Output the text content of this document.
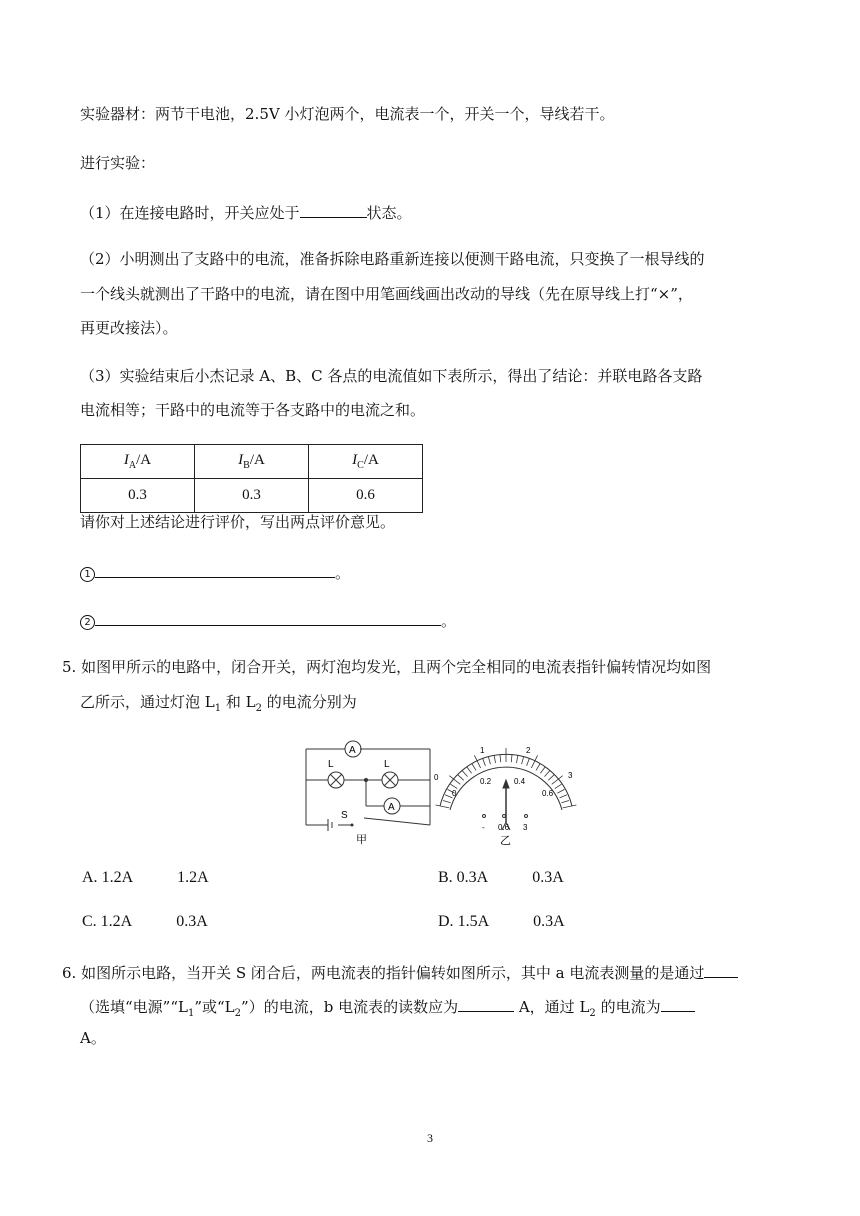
实验器材：两节干电池，2.5V 小灯泡两个，电流表一个，开关一个，导线若干。
进行实验：
（1）在连接电路时，开关应处于	状态。
（2）小明测出了支路中的电流，准备拆除电路重新连接以便测干路电流，只变换了一根导线的
一个线头就测出了干路中的电流，请在图中用笔画线画出改动的导线（先在原导线上打“×”，
再更改接法）。
（3）实验结束后小杰记录 A、B、C 各点的电流值如下表所示，得出了结论：并联电路各支路
电流相等；干路中的电流等于各支路中的电流之和。
$I_A/A$	$I_B/A$	$I_C/A$
0.3	0.3	0.6
请你对上述结论进行评价，写出两点评价意见。
1	。
2	。
5. 如图甲所示的电路中，闭合开关，两灯泡均发光，且两个完全相同的电流表指针偏转情况均如图
乙所示，通过灯泡 $L_1$ 和 $L_2$ 的电流分别为
A
A
L	L
S
甲
0
1	2
3
0
0.2	0.4
0.6
- 0.6 3
乙
A. 1.2A	1.2A	B. 0.3A	0.3A
C. 1.2A	0.3A	D. 1.5A	0.3A
6. 如图所示电路，当开关 S 闭合后，两电流表的指针偏转如图所示，其中 a 电流表测量的是通过
（选填“电源$”“L_1$”或“$L_2$”）的电流，b 电流表的读数应为	A，通过 $L_2$ 的电流为
A。
3
